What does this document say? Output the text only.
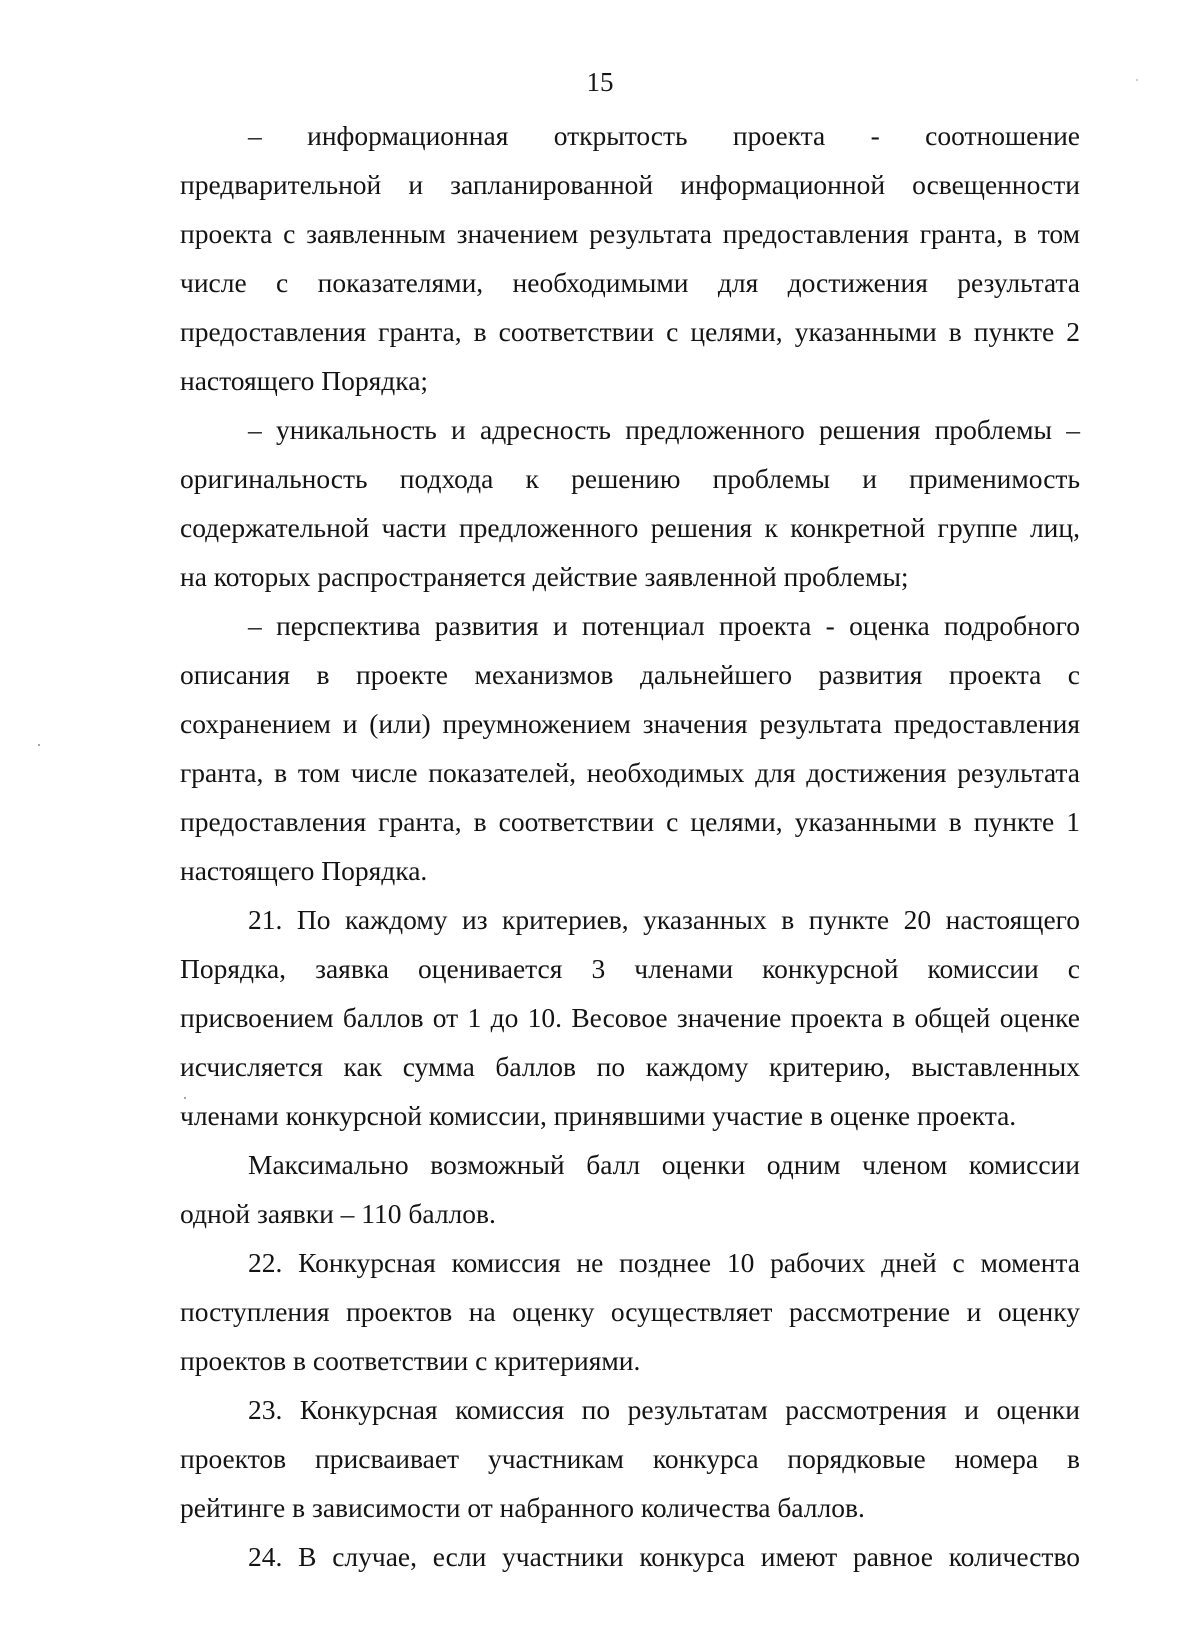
15

– информационная открытость проекта - соотношение
предварительной и запланированной информационной освещенности
проекта с заявленным значением результата предоставления гранта, в том
числе с показателями, необходимыми для достижения результата
предоставления гранта, в соответствии с целями, указанными в пункте 2
настоящего Порядка;

– уникальность и адресность предложенного решения проблемы –
оригинальность подхода к решению проблемы и применимость
содержательной части предложенного решения к конкретной группе лиц,
на которых распространяется действие заявленной проблемы;

– перспектива развития и потенциал проекта - оценка подробного
описания в проекте механизмов дальнейшего развития проекта с
сохранением и (или) преумножением значения результата предоставления
гранта, в том числе показателей, необходимых для достижения результата
предоставления гранта, в соответствии с целями, указанными в пункте 1
настоящего Порядка.

21. По каждому из критериев, указанных в пункте 20 настоящего
Порядка, заявка оценивается 3 членами конкурсной комиссии с
присвоением баллов от 1 до 10. Весовое значение проекта в общей оценке
исчисляется как сумма баллов по каждому критерию, выставленных
членами конкурсной комиссии, принявшими участие в оценке проекта.

Максимально возможный балл оценки одним членом комиссии
одной заявки – 110 баллов.

22. Конкурсная комиссия не позднее 10 рабочих дней с момента
поступления проектов на оценку осуществляет рассмотрение и оценку
проектов в соответствии с критериями.

23. Конкурсная комиссия по результатам рассмотрения и оценки
проектов присваивает участникам конкурса порядковые номера в
рейтинге в зависимости от набранного количества баллов.

24. В случае, если участники конкурса имеют равное количество
